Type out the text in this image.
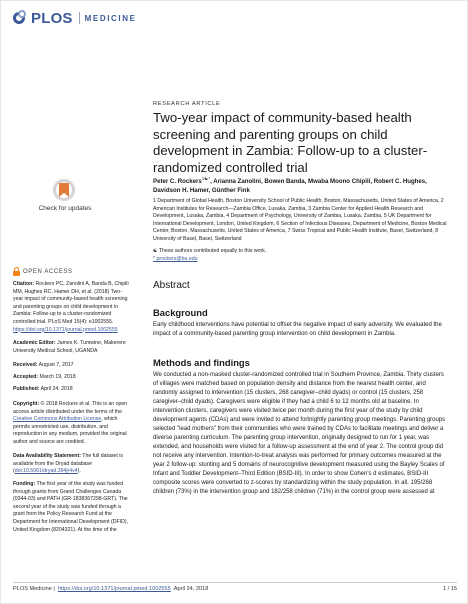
PLOS MEDICINE
Check for updates
OPEN ACCESS
Citation: Rockers PC, Zanolini A, Banda B, Chipili MM, Hughes RC, Hamer DH, et al. (2018) Two-year impact of community-based health screening and parenting groups on child development in Zambia: Follow-up to a cluster-randomized controlled trial. PLoS Med 15(4): e1002555. https://doi.org/10.1371/journal.pmed.1002555
Academic Editor: James K. Tumwine, Makerere University Medical School, UGANDA
Received: August 7, 2017
Accepted: March 19, 2018
Published: April 24, 2018
Copyright: © 2018 Rockers et al. This is an open access article distributed under the terms of the Creative Commons Attribution License, which permits unrestricted use, distribution, and reproduction in any medium, provided the original author and source are credited.
Data Availability Statement: The full dataset is available from the Dryad database (doi:10.5061/dryad.394jr4v4).
Funding: The first year of the study was funded through grants from Grand Challenges Canada (0344-03) and PATH (GR-1838367298-GRT). The second year of the study was funded through a grant from the Policy Research Fund at the Department for International Development (DFID), United Kingdom (8204321). At the time of the
RESEARCH ARTICLE
Two-year impact of community-based health screening and parenting groups on child development in Zambia: Follow-up to a cluster-randomized controlled trial
Peter C. Rockers$^{1☯*}$, Arianna Zanolini, Bowen Banda, Mwaba Moono Chipili, Robert C. Hughes, Davidson H. Hamer, Günther Fink
1 Department of Global Health, Boston University School of Public Health, Boston, Massachusetts, United States of America, 2 American Institutes for Research—Zambia Office, Lusaka, Zambia, 3 Zambia Center for Applied Health Research and Development, Lusaka, Zambia, 4 Department of Psychology, University of Zambia, Lusaka, Zambia, 5 UK Department for International Development, London, United Kingdom, 6 Section of Infectious Diseases, Department of Medicine, Boston Medical Center, Boston, Massachusetts, United States of America, 7 Swiss Tropical and Public Health Institute, Basel, Switzerland, 8 University of Basel, Basel, Switzerland
☯ These authors contributed equally to this work.
* prockers@bu.edu
Abstract
Background
Early childhood interventions have potential to offset the negative impact of early adversity. We evaluated the impact of a community-based parenting group intervention on child development in Zambia.
Methods and findings
We conducted a non-masked cluster-randomized controlled trial in Southern Province, Zambia. Thirty clusters of villages were matched based on population density and distance from the nearest health center, and randomly assigned to intervention (15 clusters, 268 caregiver–child dyads) or control (15 clusters, 258 caregiver–child dyads). Caregivers were eligible if they had a child 6 to 12 months old at baseline. In intervention clusters, caregivers were visited twice per month during the first year of the study by child development agents (CDAs) and were invited to attend fortnightly parenting group meetings. Parenting groups selected "lead mothers" from their communities who were trained by CDAs to facilitate meetings and deliver a diverse parenting curriculum. The parenting group intervention, originally designed to run for 1 year, was extended, and households were visited for a follow-up assessment at the end of year 2. The control group did not receive any intervention. Intention-to-treat analysis was performed for primary outcomes measured at the year 2 follow-up: stunting and 5 domains of neurocognitive development measured using the Bayley Scales of Infant and Toddler Development–Third Edition (BSID-III). In order to show Cohen's d estimates, BSID-III composite scores were converted to z-scores by standardizing within the study population. In all, 195/268 children (73%) in the intervention group and 182/258 children (71%) in the control group were assessed at
PLOS Medicine | https://doi.org/10.1371/journal.pmed.1002555 April 24, 2018	1 / 15
